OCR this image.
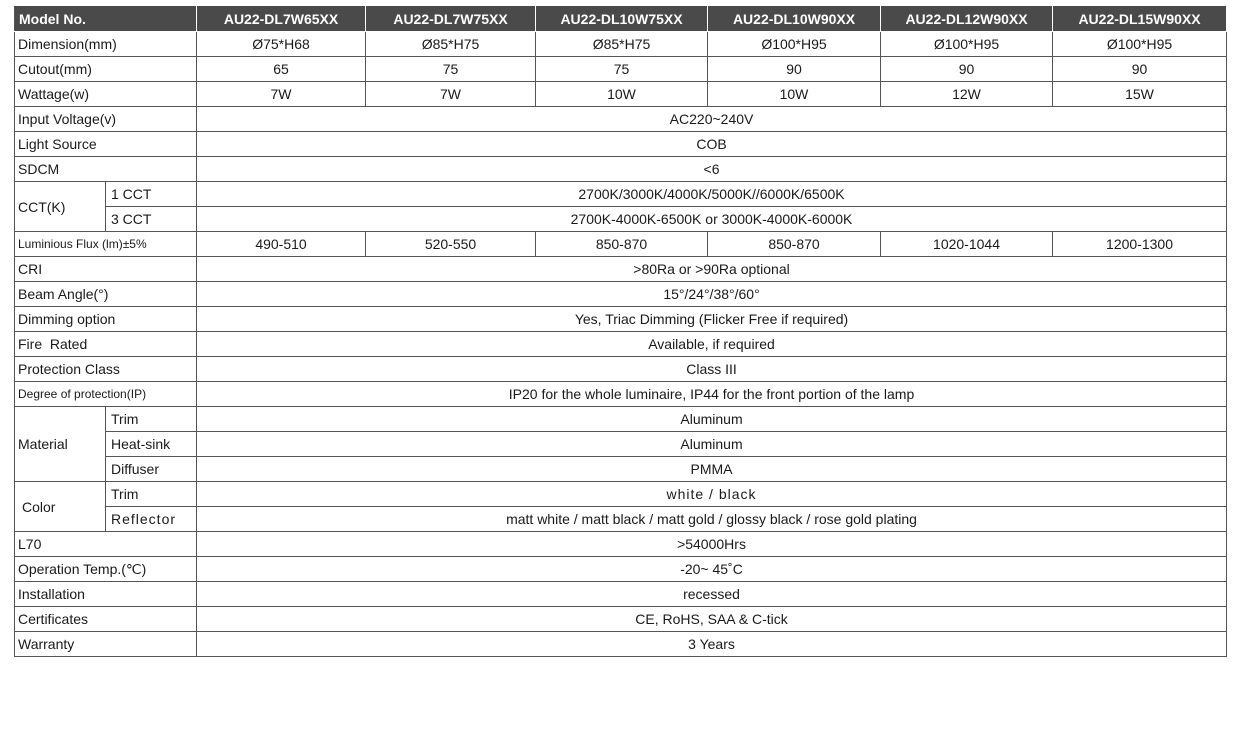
Model No.		AU22-DL7W65XX	AU22-DL7W75XX	AU22-DL10W75XX	AU22-DL10W90XX	AU22-DL12W90XX	AU22-DL15W90XX
Dimension(mm)		Ø75*H68	Ø85*H75	Ø85*H75	Ø100*H95	Ø100*H95	Ø100*H95
Cutout(mm)		65	75	75	90	90	90
Wattage(w)		7W	7W	10W	10W	12W	15W
Input Voltage(v)		AC220~240V					
Light Source		COB					
SDCM		<6					
CCT(K)	1 CCT	2700K/3000K/4000K/5000K//6000K/6500K					
	3 CCT	2700K-4000K-6500K or 3000K-4000K-6000K					
Luminious Flux (lm)±5%		490-510	520-550	850-870	850-870	1020-1044	1200-1300
CRI		>80Ra or >90Ra optional					
Beam Angle(°)		15°/24°/38°/60°					
Dimming option		Yes, Triac Dimming (Flicker Free if required)					
Fire  Rated		Available, if required					
Protection Class		Class III					
Degree of protection(IP)		IP20 for the whole luminaire, IP44 for the front portion of the lamp					
Material	Trim	Aluminum					
	Heat-sink	Aluminum					
	Diffuser	PMMA					
Color	Trim	white / black					
	Reflector	matt white / matt black / matt gold / glossy black / rose gold plating					
L70		>54000Hrs					
Operation Temp.(℃)		-20~ 45˚C					
Installation		recessed					
Certificates		CE, RoHS, SAA & C-tick					
Warranty		3 Years					
